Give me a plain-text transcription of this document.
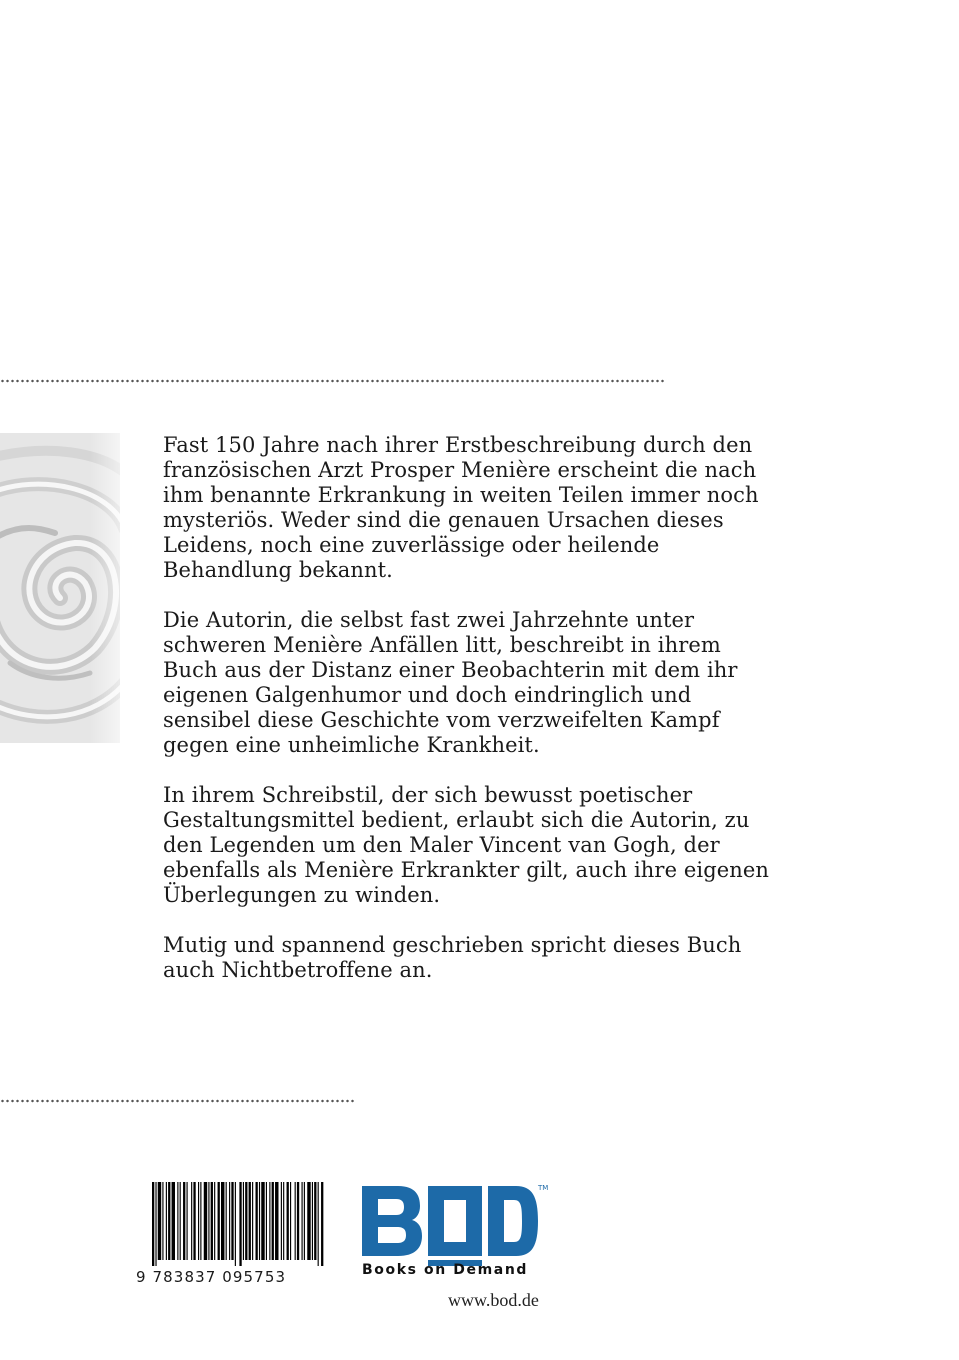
Fast 150 Jahre nach ihrer Erstbeschreibung durch den
französischen Arzt Prosper Menière erscheint die nach
ihm benannte Erkrankung in weiten Teilen immer noch
mysteriös. Weder sind die genauen Ursachen dieses
Leidens, noch eine zuverlässige oder heilende
Behandlung bekannt.

Die Autorin, die selbst fast zwei Jahrzehnte unter
schweren Menière Anfällen litt, beschreibt in ihrem
Buch aus der Distanz einer Beobachterin mit dem ihr
eigenen Galgenhumor und doch eindringlich und
sensibel diese Geschichte vom verzweifelten Kampf
gegen eine unheimliche Krankheit.

In ihrem Schreibstil, der sich bewusst poetischer
Gestaltungsmittel bedient, erlaubt sich die Autorin, zu
den Legenden um den Maler Vincent van Gogh, der
ebenfalls als Menière Erkrankter gilt, auch ihre eigenen
Überlegungen zu winden.

Mutig und spannend geschrieben spricht dieses Buch
auch Nichtbetroffene an.

9 783837 095753
TM
Books on Demand
www.bod.de
